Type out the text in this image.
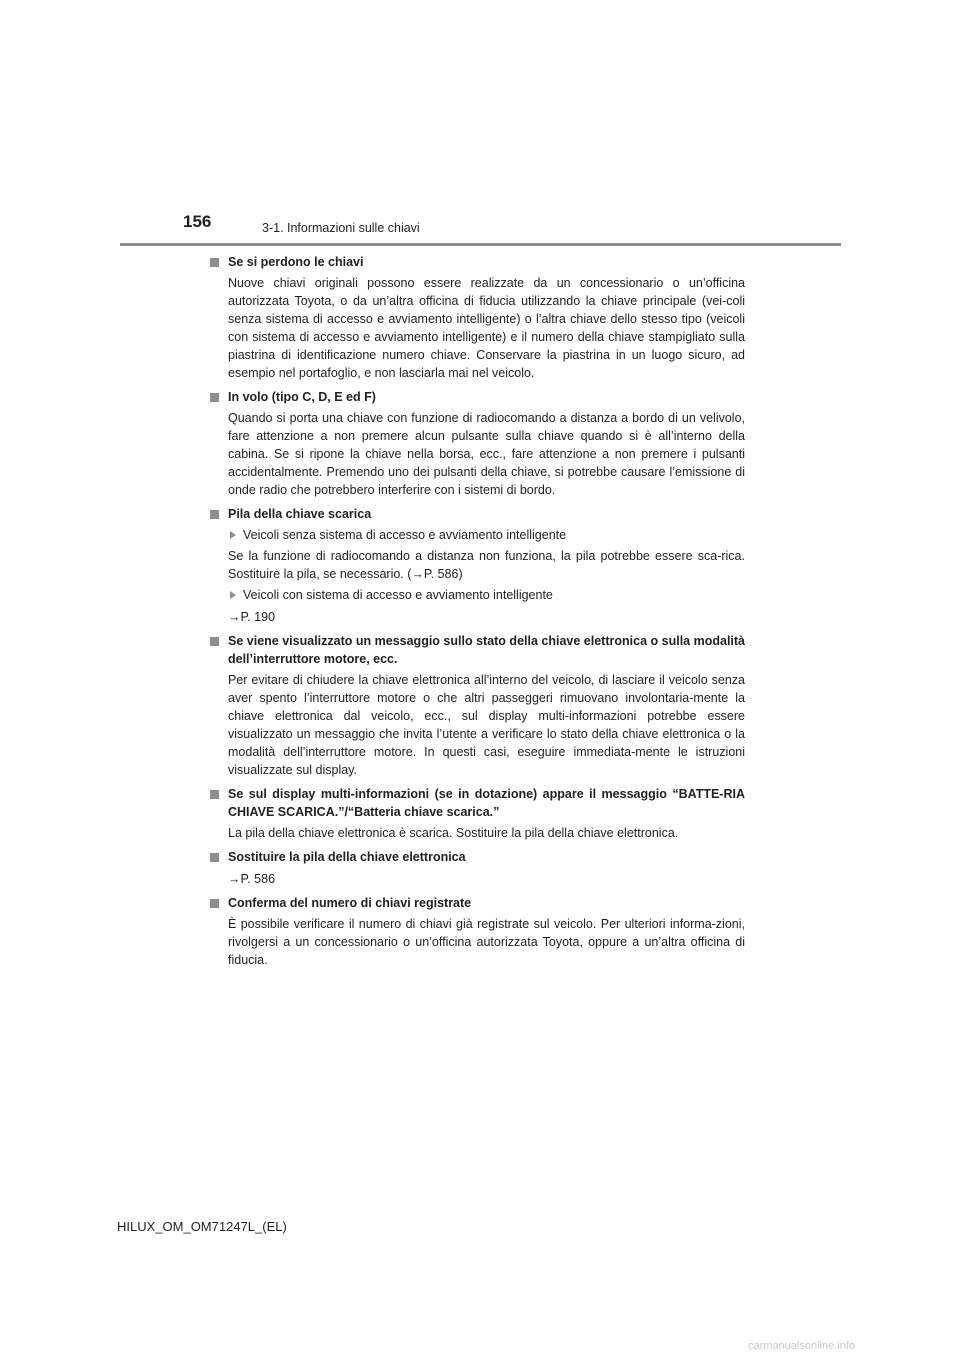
156	3-1. Informazioni sulle chiavi
Se si perdono le chiavi
Nuove chiavi originali possono essere realizzate da un concessionario o un’officina autorizzata Toyota, o da un’altra officina di fiducia utilizzando la chiave principale (vei-coli senza sistema di accesso e avviamento intelligente) o l’altra chiave dello stesso tipo (veicoli con sistema di accesso e avviamento intelligente) e il numero della chiave stampigliato sulla piastrina di identificazione numero chiave. Conservare la piastrina in un luogo sicuro, ad esempio nel portafoglio, e non lasciarla mai nel veicolo.
In volo (tipo C, D, E ed F)
Quando si porta una chiave con funzione di radiocomando a distanza a bordo di un velivolo, fare attenzione a non premere alcun pulsante sulla chiave quando si è all’interno della cabina. Se si ripone la chiave nella borsa, ecc., fare attenzione a non premere i pulsanti accidentalmente. Premendo uno dei pulsanti della chiave, si potrebbe causare l’emissione di onde radio che potrebbero interferire con i sistemi di bordo.
Pila della chiave scarica
Veicoli senza sistema di accesso e avviamento intelligente
Se la funzione di radiocomando a distanza non funziona, la pila potrebbe essere sca-rica. Sostituire la pila, se necessario. (→P. 586)
Veicoli con sistema di accesso e avviamento intelligente
→P. 190
Se viene visualizzato un messaggio sullo stato della chiave elettronica o sulla modalità dell’interruttore motore, ecc.
Per evitare di chiudere la chiave elettronica all’interno del veicolo, di lasciare il veicolo senza aver spento l’interruttore motore o che altri passeggeri rimuovano involontaria-mente la chiave elettronica dal veicolo, ecc., sul display multi-informazioni potrebbe essere visualizzato un messaggio che invita l’utente a verificare lo stato della chiave elettronica o la modalità dell’interruttore motore. In questi casi, eseguire immediata-mente le istruzioni visualizzate sul display.
Se sul display multi-informazioni (se in dotazione) appare il messaggio “BATTE-RIA CHIAVE SCARICA.”/“Batteria chiave scarica.”
La pila della chiave elettronica è scarica. Sostituire la pila della chiave elettronica.
Sostituire la pila della chiave elettronica
→P. 586
Conferma del numero di chiavi registrate
È possibile verificare il numero di chiavi già registrate sul veicolo. Per ulteriori informa-zioni, rivolgersi a un concessionario o un’officina autorizzata Toyota, oppure a un’altra officina di fiducia.
HILUX_OM_OM71247L_(EL)
carmanualsonline.info
